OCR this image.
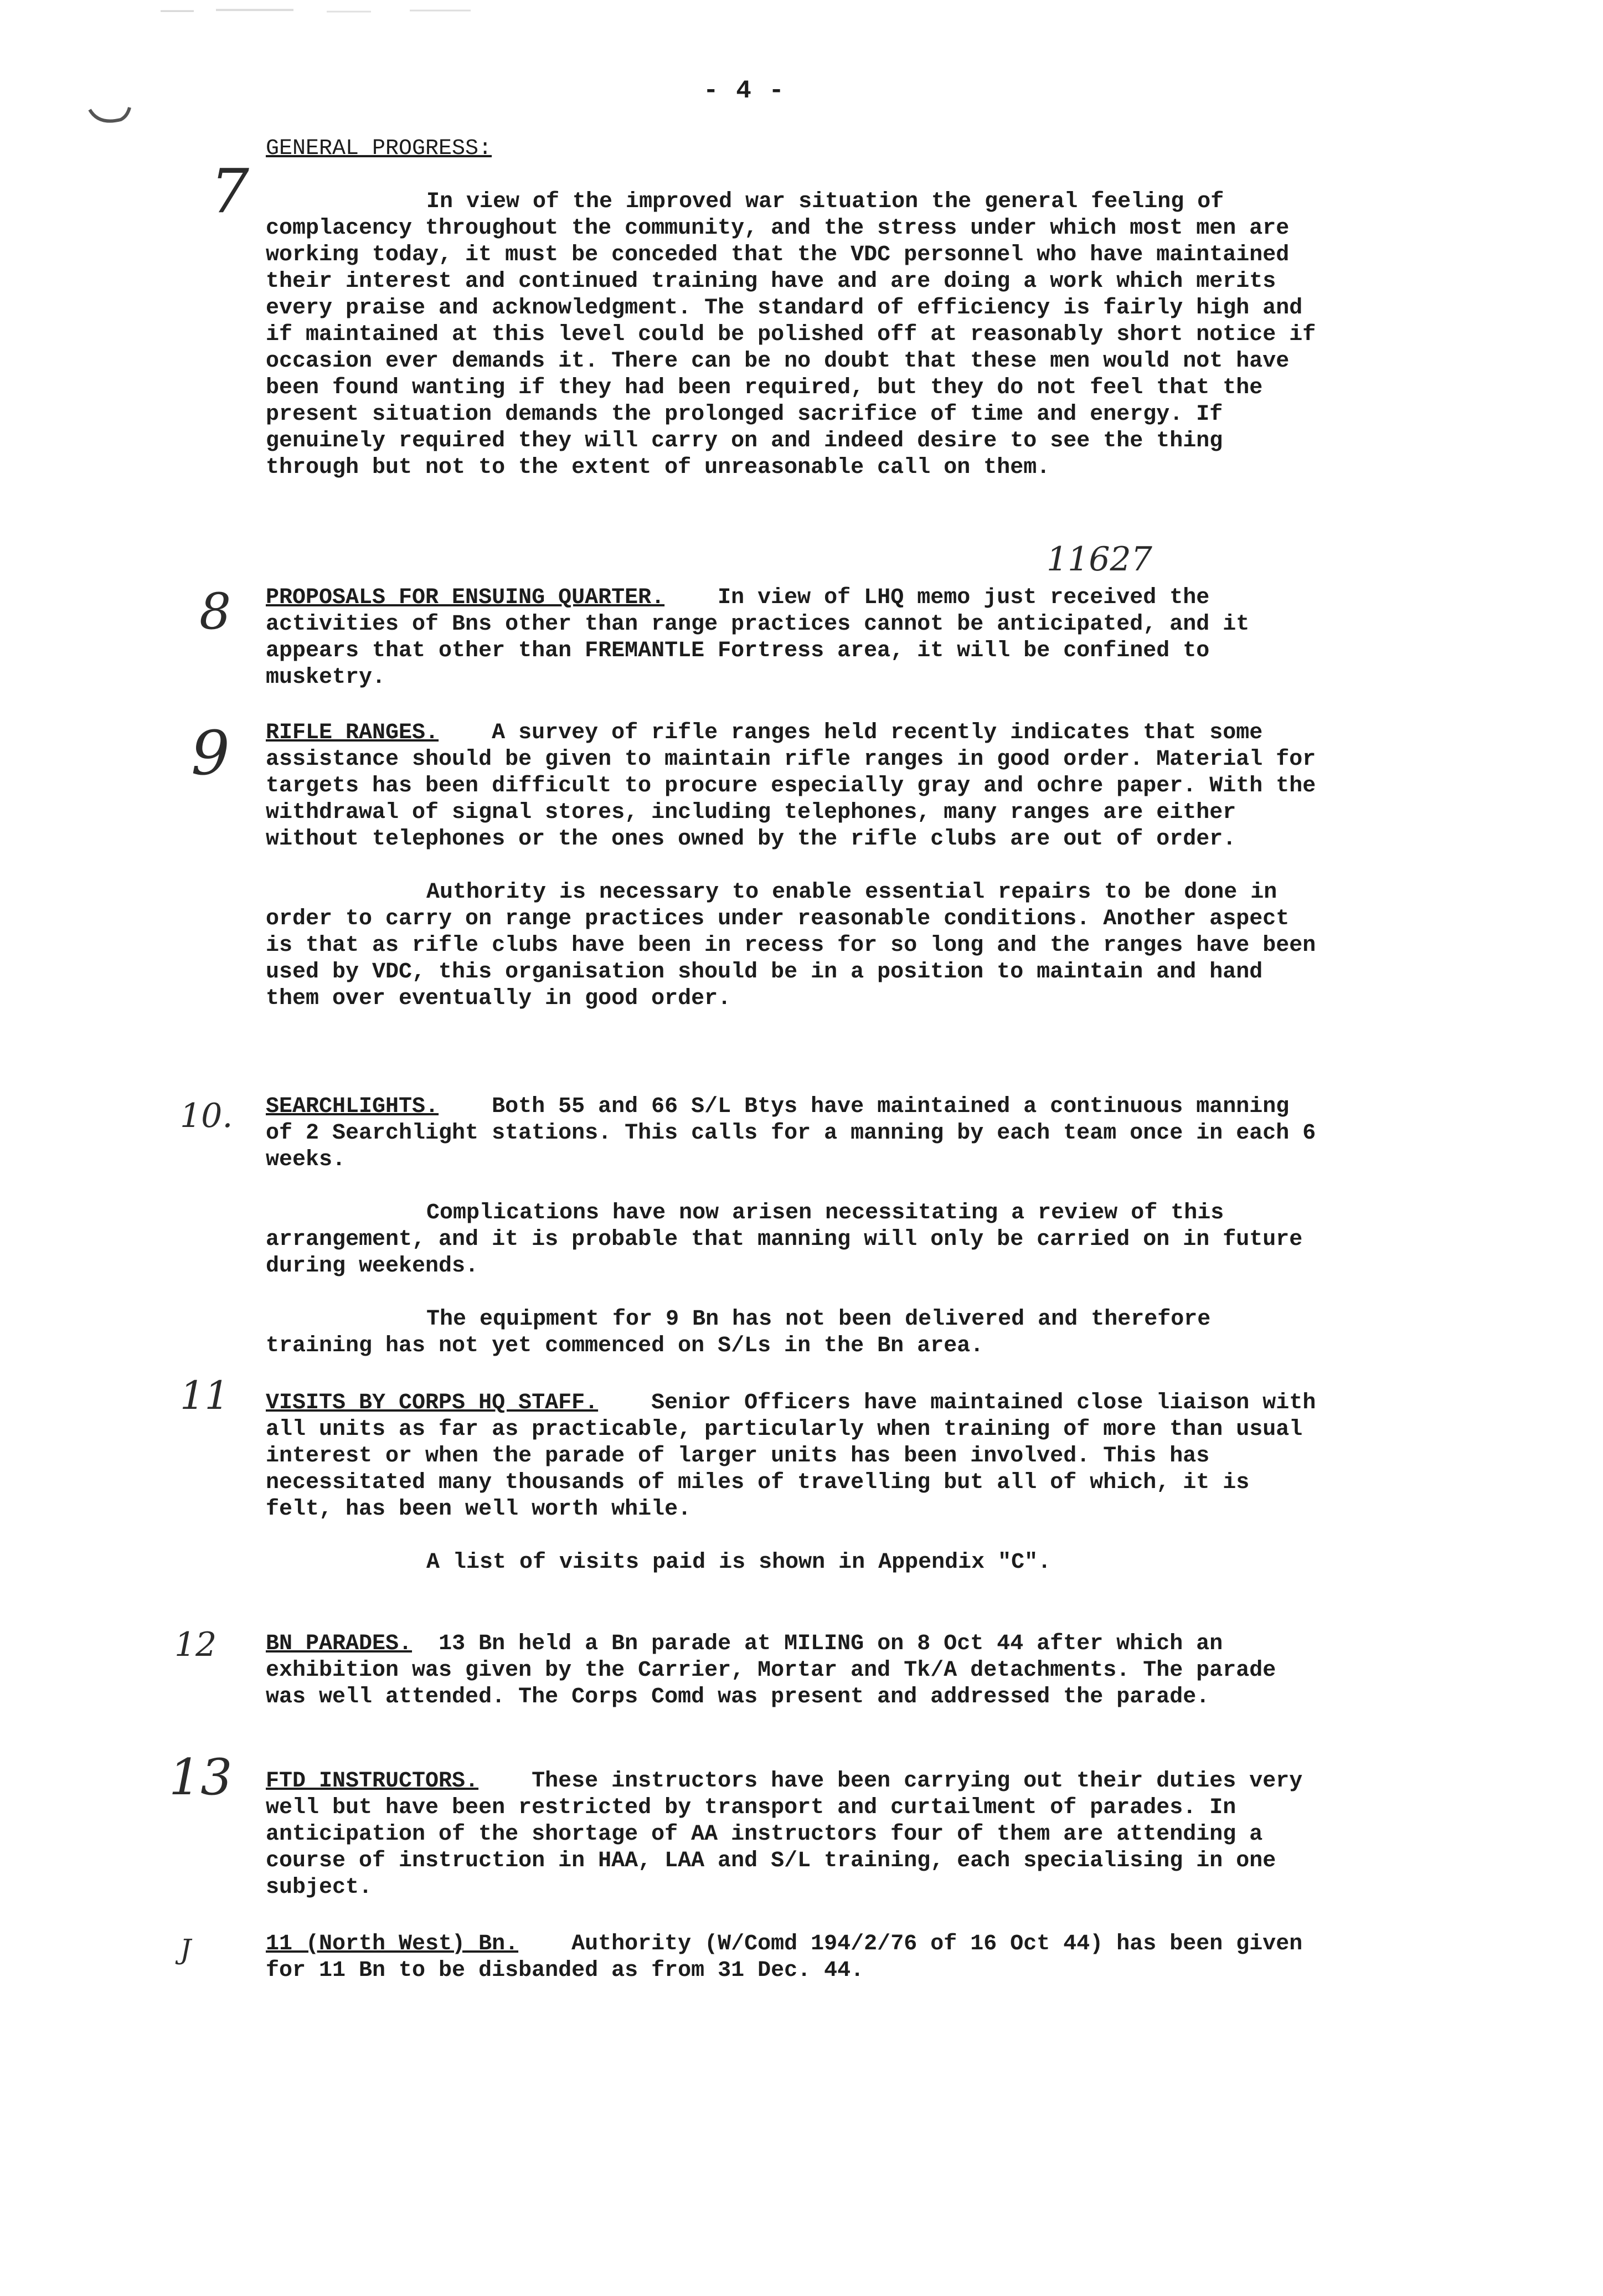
- 4 -
7
8
9
10.
11
12
13
J
11627

GENERAL PROGRESS:

In view of the improved war situation the general feeling of complacency throughout the community, and the stress under which most men are working today, it must be conceded that the VDC personnel who have maintained their interest and continued training have and are doing a work which merits every praise and acknowledgment. The standard of efficiency is fairly high and if maintained at this level could be polished off at reasonably short notice if occasion ever demands it. There can be no doubt that these men would not have been found wanting if they had been required, but they do not feel that the present situation demands the prolonged sacrifice of time and energy. If genuinely required they will carry on and indeed desire to see the thing through but not to the extent of unreasonable call on them.

PROPOSALS FOR ENSUING QUARTER. In view of LHQ memo just received the activities of Bns other than range practices cannot be anticipated, and it appears that other than FREMANTLE Fortress area, it will be confined to musketry.

RIFLE RANGES. A survey of rifle ranges held recently indicates that some assistance should be given to maintain rifle ranges in good order. Material for targets has been difficult to procure especially gray and ochre paper. With the withdrawal of signal stores, including telephones, many ranges are either without telephones or the ones owned by the rifle clubs are out of order.

Authority is necessary to enable essential repairs to be done in order to carry on range practices under reasonable conditions. Another aspect is that as rifle clubs have been in recess for so long and the ranges have been used by VDC, this organisation should be in a position to maintain and hand them over eventually in good order.

SEARCHLIGHTS. Both 55 and 66 S/L Btys have maintained a continuous manning of 2 Searchlight stations. This calls for a manning by each team once in each 6 weeks.

Complications have now arisen necessitating a review of this arrangement, and it is probable that manning will only be carried on in future during weekends.

The equipment for 9 Bn has not been delivered and therefore training has not yet commenced on S/Ls in the Bn area.

VISITS BY CORPS HQ STAFF. Senior Officers have maintained close liaison with all units as far as practicable, particularly when training of more than usual interest or when the parade of larger units has been involved. This has necessitated many thousands of miles of travelling but all of which, it is felt, has been well worth while.

A list of visits paid is shown in Appendix "C".

BN PARADES. 13 Bn held a Bn parade at MILING on 8 Oct 44 after which an exhibition was given by the Carrier, Mortar and Tk/A detachments. The parade was well attended. The Corps Comd was present and addressed the parade.

FTD INSTRUCTORS. These instructors have been carrying out their duties very well but have been restricted by transport and curtailment of parades. In anticipation of the shortage of AA instructors four of them are attending a course of instruction in HAA, LAA and S/L training, each specialising in one subject.

11 (North West) Bn. Authority (W/Comd 194/2/76 of 16 Oct 44) has been given for 11 Bn to be disbanded as from 31 Dec. 44.
